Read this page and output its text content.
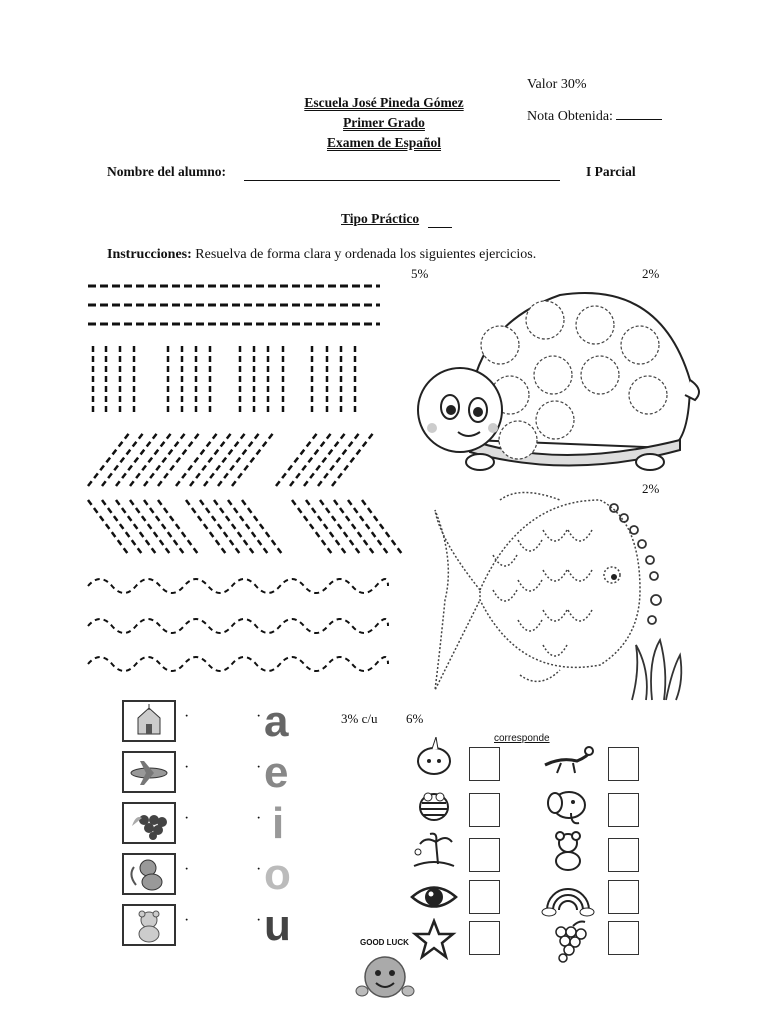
Valor 30%
Nota Obtenida:
Escuela José Pineda Gómez
Primer Grado
Examen de Español
Nombre del alumno:	I Parcial
Tipo Práctico
Instrucciones: Resuelva de forma clara y ordenada los siguientes ejercicios.
5%	2%
2%
3% c/u 6%
·
·
·
·
·
·
·
·
·
·
a
e
i
o
u
corresponde
GOOD LUCK
